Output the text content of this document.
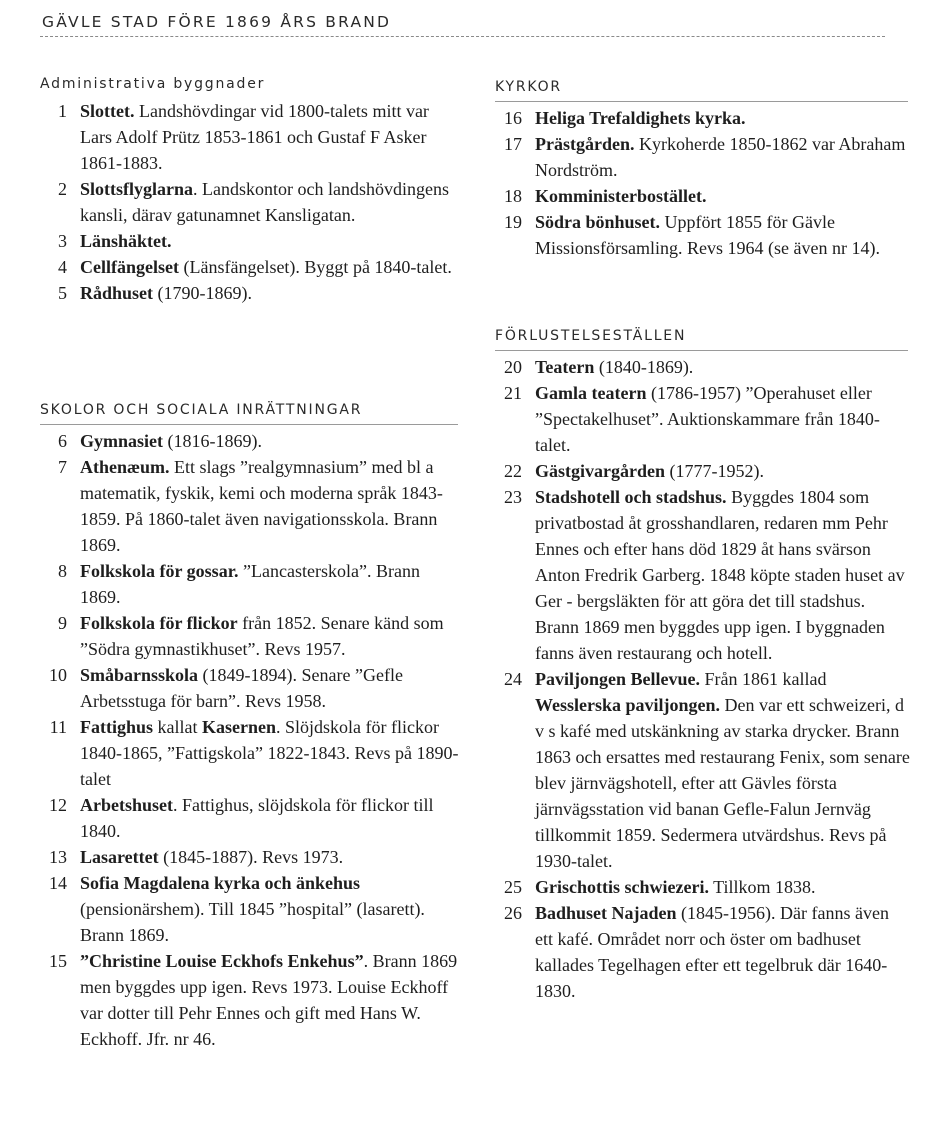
GÄVLE STAD FÖRE 1869 ÅRS BRAND
Administrativa byggnader
1 Slottet. Landshövdingar vid 1800-talets mitt var Lars Adolf Prütz 1853-1861 och Gustaf F Asker 1861-1883.
2 Slottsflyglarna. Landskontor och landshövdingens kansli, därav gatunamnet Kansligatan.
3 Länshäktet.
4 Cellfängelset (Länsfängelset). Byggt på 1840-talet.
5 Rådhuset (1790-1869).
SKOLOR OCH SOCIALA INRÄTTNINGAR
6 Gymnasiet (1816-1869).
7 Athenæum. Ett slags ”realgymnasium” med bl a matematik, fyskik, kemi och moderna språk 1843-1859. På 1860-talet även navigationsskola. Brann 1869.
8 Folkskola för gossar. ”Lancasterskola”. Brann 1869.
9 Folkskola för flickor från 1852. Senare känd som ”Södra gymnastikhuset”. Revs 1957.
10 Småbarnsskola (1849-1894). Senare ”Gefle Arbetsstuga för barn”. Revs 1958.
11 Fattighus kallat Kasernen. Slöjdskola för flickor 1840-1865, ”Fattigskola” 1822-1843. Revs på 1890-talet
12 Arbetshuset. Fattighus, slöjdskola för flickor till 1840.
13 Lasarettet (1845-1887). Revs 1973.
14 Sofia Magdalena kyrka och änkehus (pensionärshem). Till 1845 ”hospital” (lasarett). Brann 1869.
15 ”Christine Louise Eckhofs Enkehus”. Brann 1869 men byggdes upp igen. Revs 1973. Louise Eckhoff var dotter till Pehr Ennes och gift med Hans W. Eckhoff. Jfr. nr 46.
KYRKOR
16 Heliga Trefaldighets kyrka.
17 Prästgården. Kyrkoherde 1850-1862 var Abraham Nordström.
18 Komministerbostället.
19 Södra bönhuset. Uppfört 1855 för Gävle Missionsförsamling. Revs 1964 (se även nr 14).
FÖRLUSTELSESTÄLLEN
20 Teatern (1840-1869).
21 Gamla teatern (1786-1957) ”Operahuset eller ”Spectakelhuset”. Auktionskammare från 1840-talet.
22 Gästgivargården (1777-1952).
23 Stadshotell och stadshus. Byggdes 1804 som privatbostad åt grosshandlaren, redaren mm Pehr Ennes och efter hans död 1829 åt hans svärson Anton Fredrik Garberg. 1848 köpte staden huset av Ger - bergsläkten för att göra det till stadshus. Brann 1869 men byggdes upp igen. I byggnaden fanns även restaurang och hotell.
24 Paviljongen Bellevue. Från 1861 kallad Wesslerska paviljongen. Den var ett schweizeri, d v s kafé med utskänkning av starka drycker. Brann 1863 och ersattes med restaurang Fenix, som senare blev järnvägshotell, efter att Gävles första järnvägsstation vid banan Gefle-Falun Jernväg tillkommit 1859. Sedermera utvärdshus. Revs på 1930-talet.
25 Grischottis schwiezeri. Tillkom 1838.
26 Badhuset Najaden (1845-1956). Där fanns även ett kafé. Området norr och öster om badhuset kallades Tegelhagen efter ett tegelbruk där 1640-1830.
